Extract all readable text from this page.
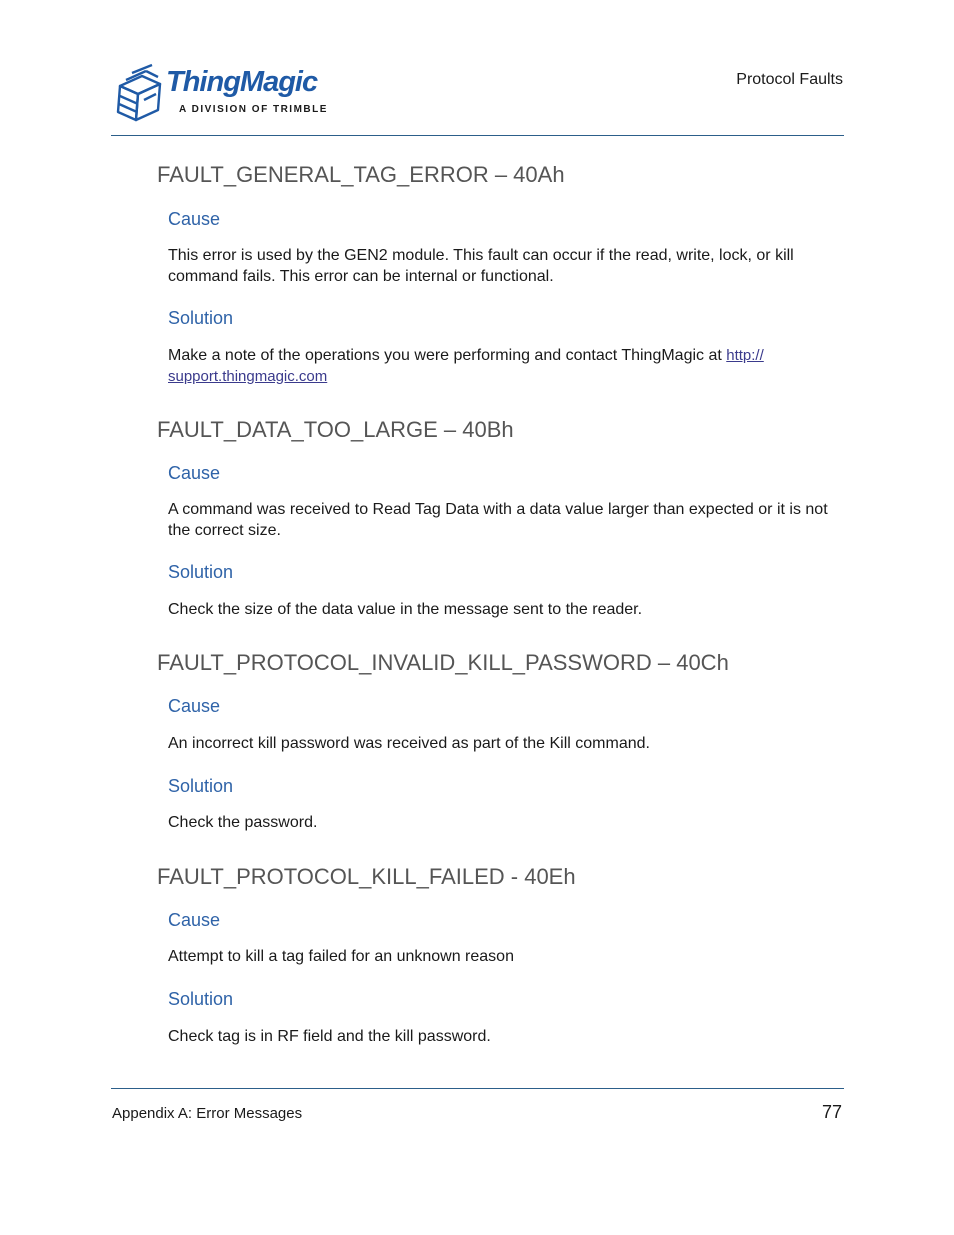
ThingMagic
A DIVISION OF TRIMBLE
Protocol Faults
FAULT_GENERAL_TAG_ERROR – 40Ah
Cause

This error is used by the GEN2 module. This fault can occur if the read, write, lock, or kill command fails. This error can be internal or functional.

Solution

Make a note of the operations you were performing and contact ThingMagic at http://
support.thingmagic.com

FAULT_DATA_TOO_LARGE – 40Bh
Cause

A command was received to Read Tag Data with a data value larger than expected or it is not the correct size.

Solution

Check the size of the data value in the message sent to the reader.

FAULT_PROTOCOL_INVALID_KILL_PASSWORD – 40Ch
Cause

An incorrect kill password was received as part of the Kill command.

Solution

Check the password.

FAULT_PROTOCOL_KILL_FAILED - 40Eh
Cause

Attempt to kill a tag failed for an unknown reason

Solution

Check tag is in RF field and the kill password.

Appendix A: Error Messages	77
